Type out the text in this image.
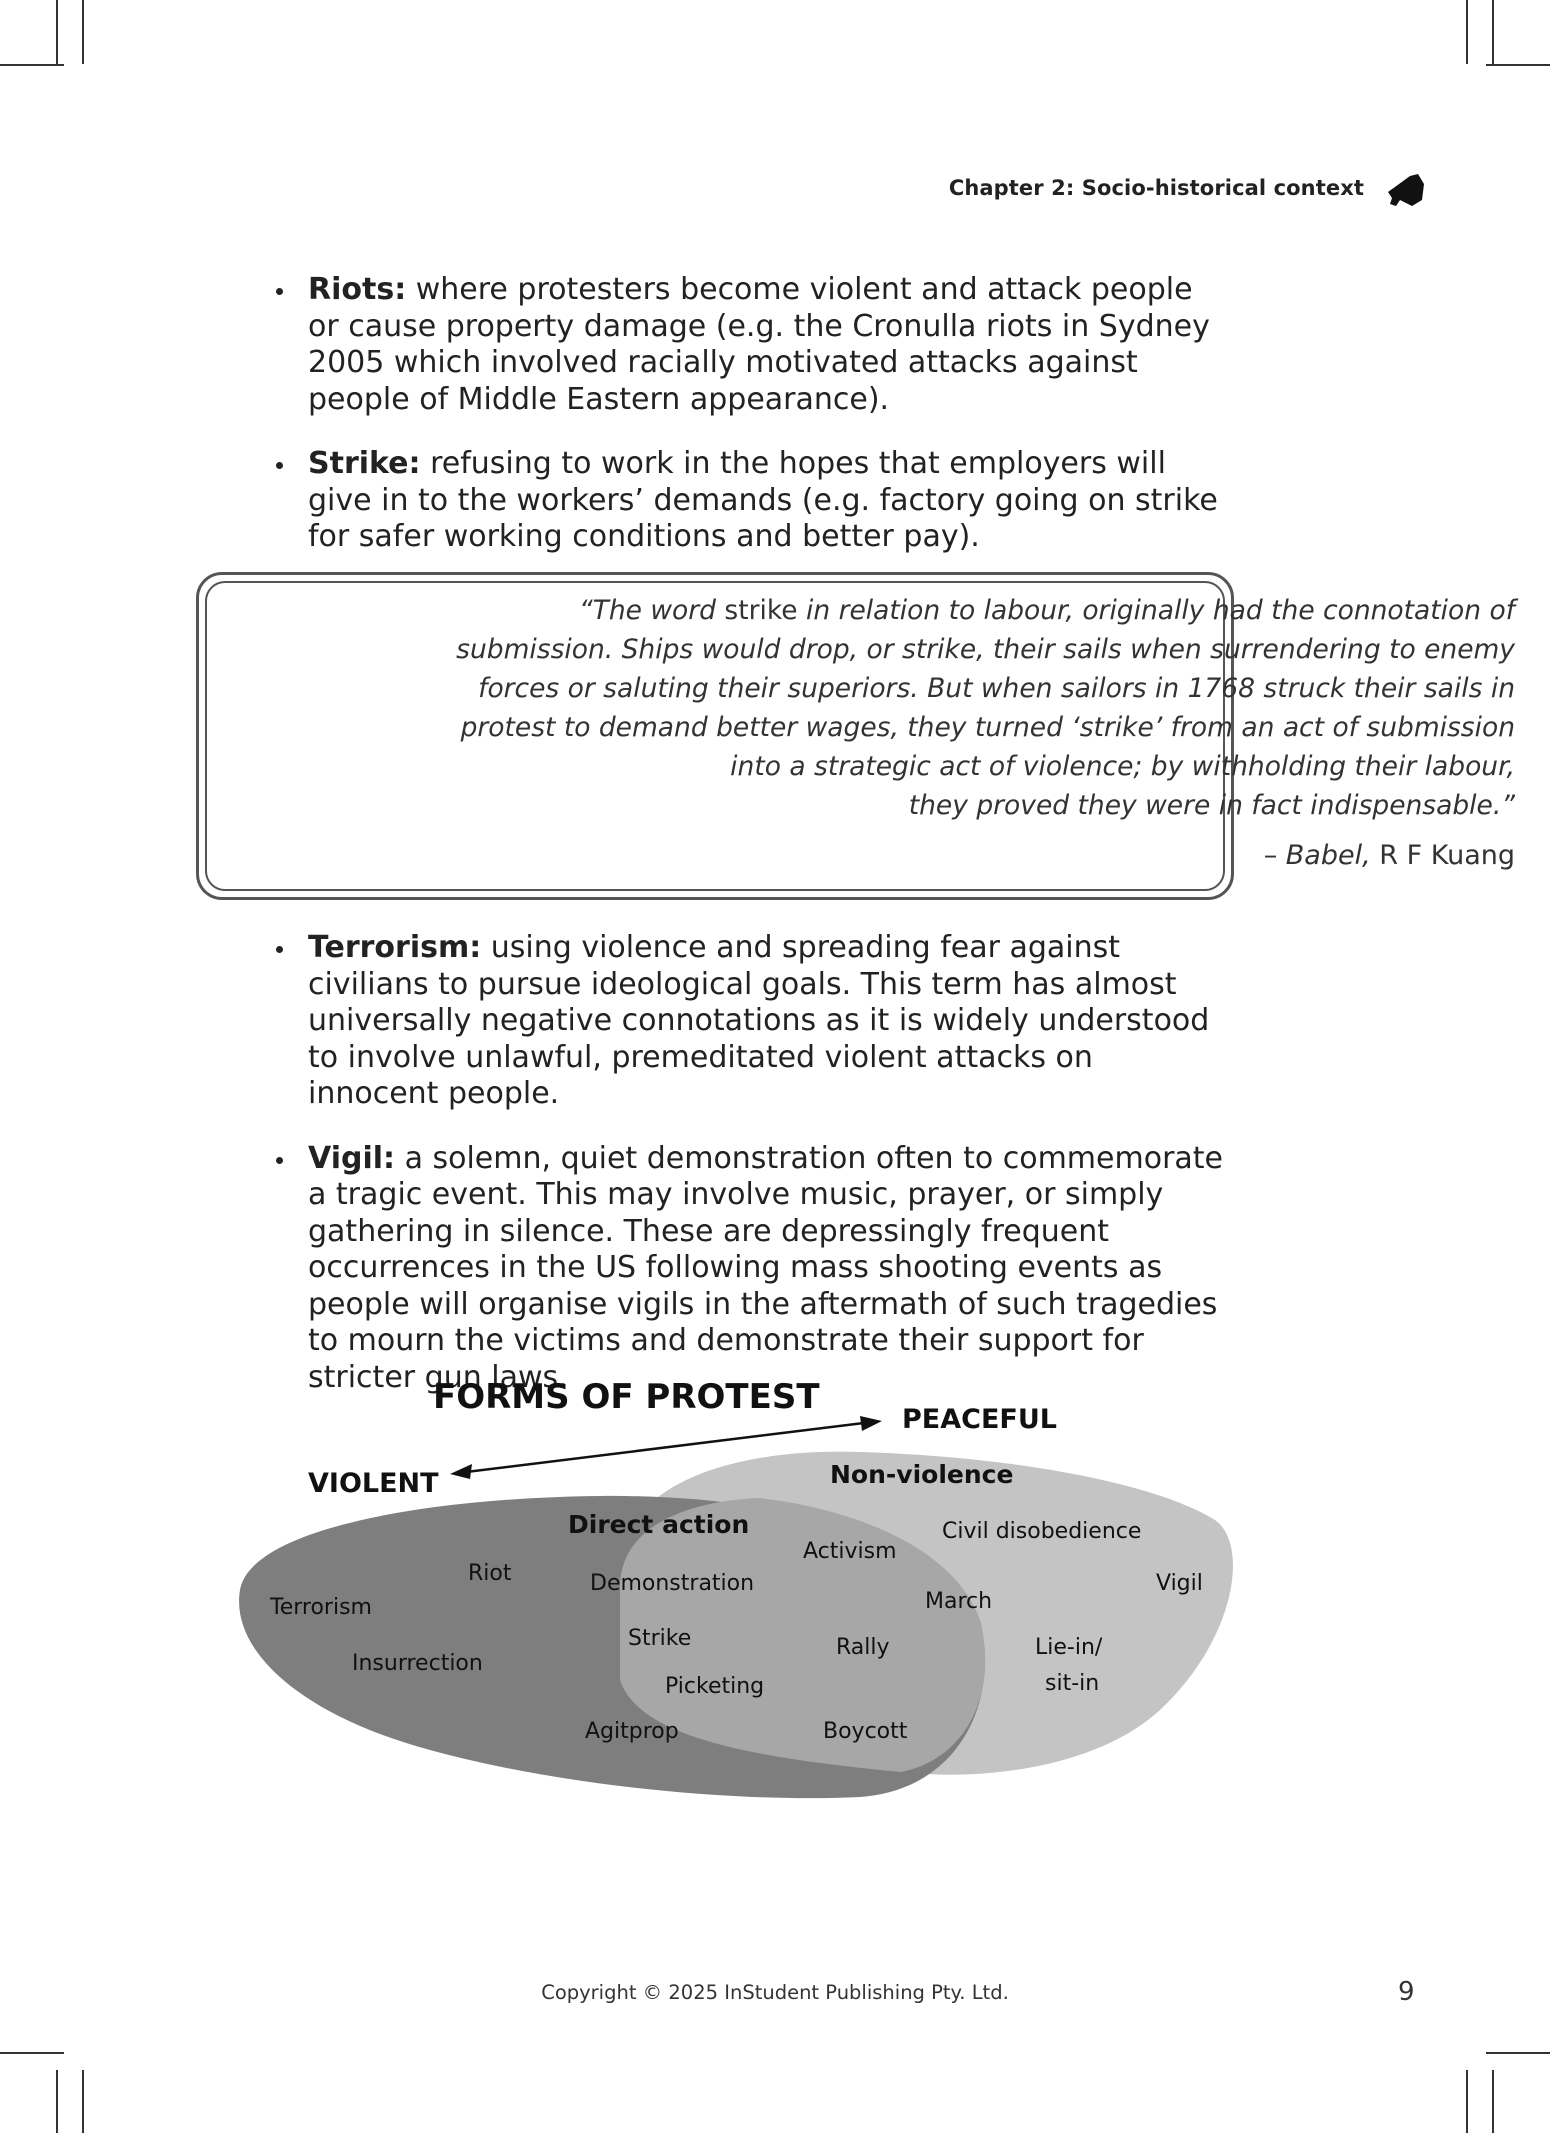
Chapter 2: Socio-historical context
Riots: where protesters become violent and attack people or cause property damage (e.g. the Cronulla riots in Sydney 2005 which involved racially motivated attacks against people of Middle Eastern appearance).
Strike: refusing to work in the hopes that employers will give in to the workers’ demands (e.g. factory going on strike for safer working conditions and better pay).
“The word strike in relation to labour, originally had the connotation of
submission. Ships would drop, or strike, their sails when surrendering to enemy
forces or saluting their superiors. But when sailors in 1768 struck their sails in
protest to demand better wages, they turned ‘strike’ from an act of submission
into a strategic act of violence; by withholding their labour,
they proved they were in fact indispensable.”
– Babel, R F Kuang
Terrorism: using violence and spreading fear against civilians to pursue ideological goals. This term has almost universally negative connotations as it is widely understood to involve unlawful, premeditated violent attacks on innocent people.
Vigil: a solemn, quiet demonstration often to commemorate a tragic event. This may involve music, prayer, or simply gathering in silence. These are depressingly frequent occurrences in the US following mass shooting events as people will organise vigils in the aftermath of such tragedies to mourn the victims and demonstrate their support for stricter gun laws.
FORMS OF PROTEST
VIOLENT
PEACEFUL
Direct action
Non-violence
Terrorism
Riot
Insurrection
Demonstration
Strike
Picketing
Agitprop
Activism
Rally
Boycott
Civil disobedience
March
Vigil
Lie-in/
sit-in
Copyright © 2025 InStudent Publishing Pty. Ltd.	9
